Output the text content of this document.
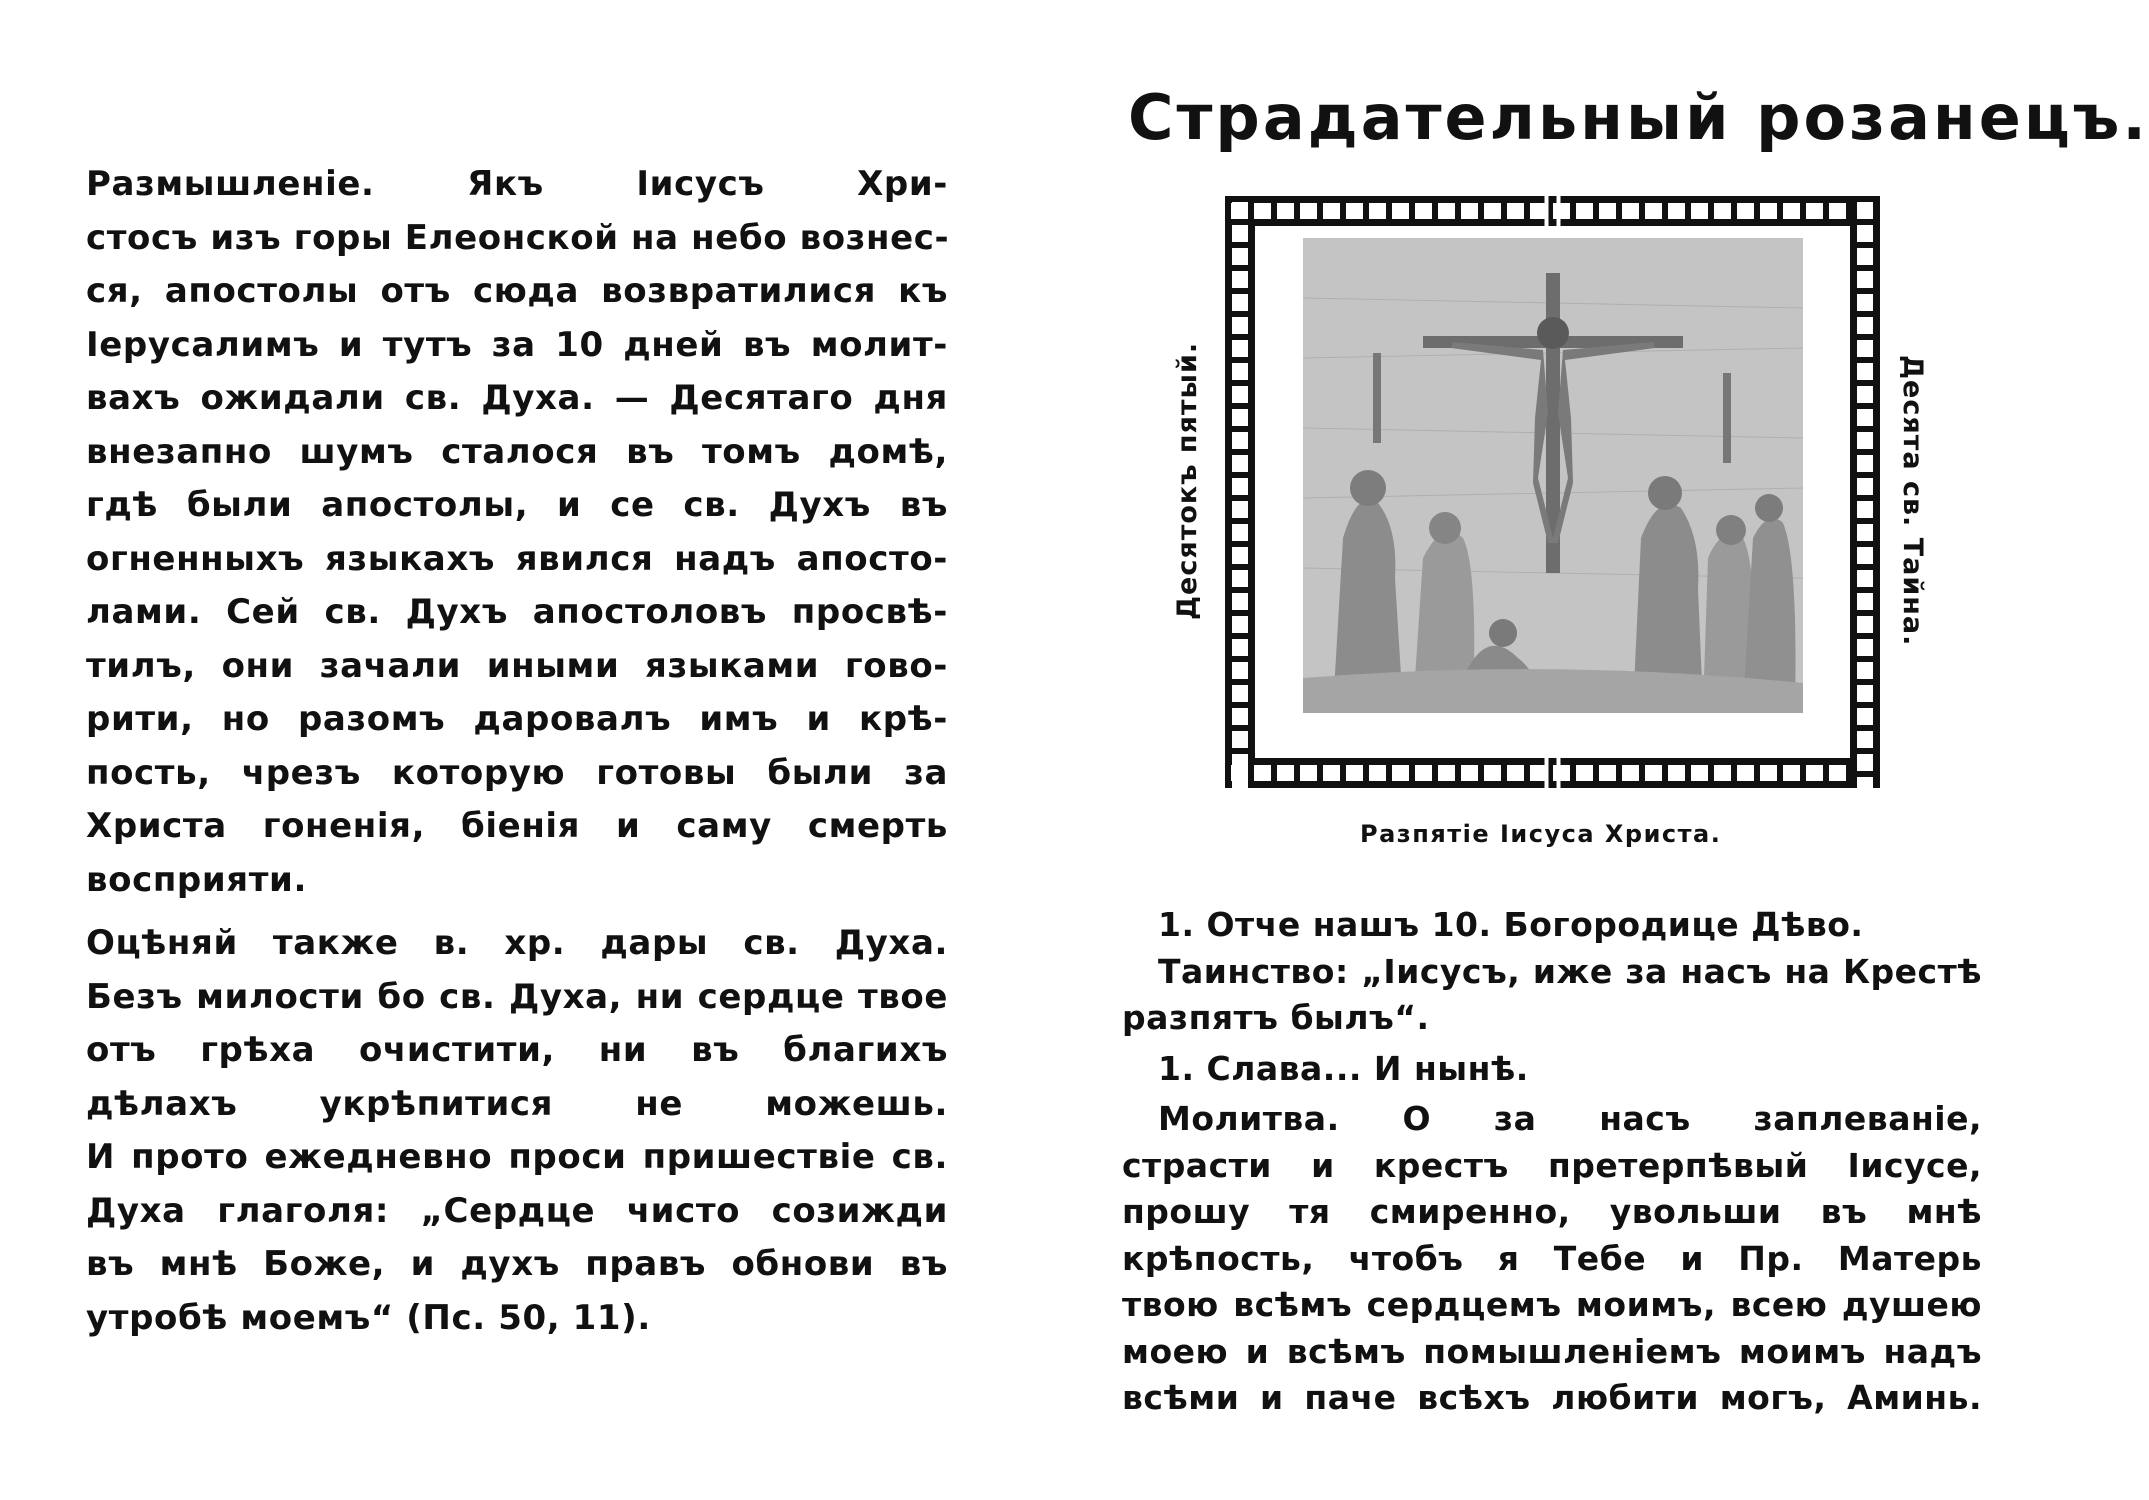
Размышленіе. Якъ Іисусъ Хри-
стосъ изъ горы Елеонской на небо вознес-
ся, апостолы отъ сюда возвратилися къ
Іерусалимъ и тутъ за 10 дней въ молит-
вахъ ожидали св. Духа. — Десятаго дня
внезапно шумъ сталося въ томъ домѣ,
гдѣ были апостолы, и се св. Духъ въ
огненныхъ языкахъ явился надъ апосто-
лами. Сей св. Духъ апостоловъ просвѣ-
тилъ, они зачали иными языками гово-
рити, но разомъ даровалъ имъ и крѣ-
пость, чрезъ которую готовы были за
Христа гоненія, біенія и саму смерть
восприяти.
Оцѣняй также в. хр. дары св. Духа.
Безъ милости бо св. Духа, ни сердце твое
отъ грѣха очистити, ни въ благихъ
дѣлахъ укрѣпитися не можешь.
И прото ежедневно проси пришествіе св.
Духа глаголя: „Сердце чисто созижди
въ мнѣ Боже, и духъ правъ обнови въ
утробѣ моемъ“ (Пс. 50, 11).
Страдательный розанецъ.
Десятокъ пятый.	Десята св. Тайна.
Разпятіе Іисуса Христа.
1. Отче нашъ 10. Богородице Дѣво.
Таинство: „Іисусъ, иже за насъ на Крестѣ
разпятъ былъ“.
1. Слава... И нынѣ.
Молитва. О за насъ заплеваніе,
страсти и крестъ претерпѣвый Іисусе,
прошу тя смиренно, увольши въ мнѣ
крѣпость, чтобъ я Тебе и Пр. Матерь
твою всѣмъ сердцемъ моимъ, всею душею
моею и всѣмъ помышленіемъ моимъ надъ
всѣми и паче всѣхъ любити могъ, Аминь.
